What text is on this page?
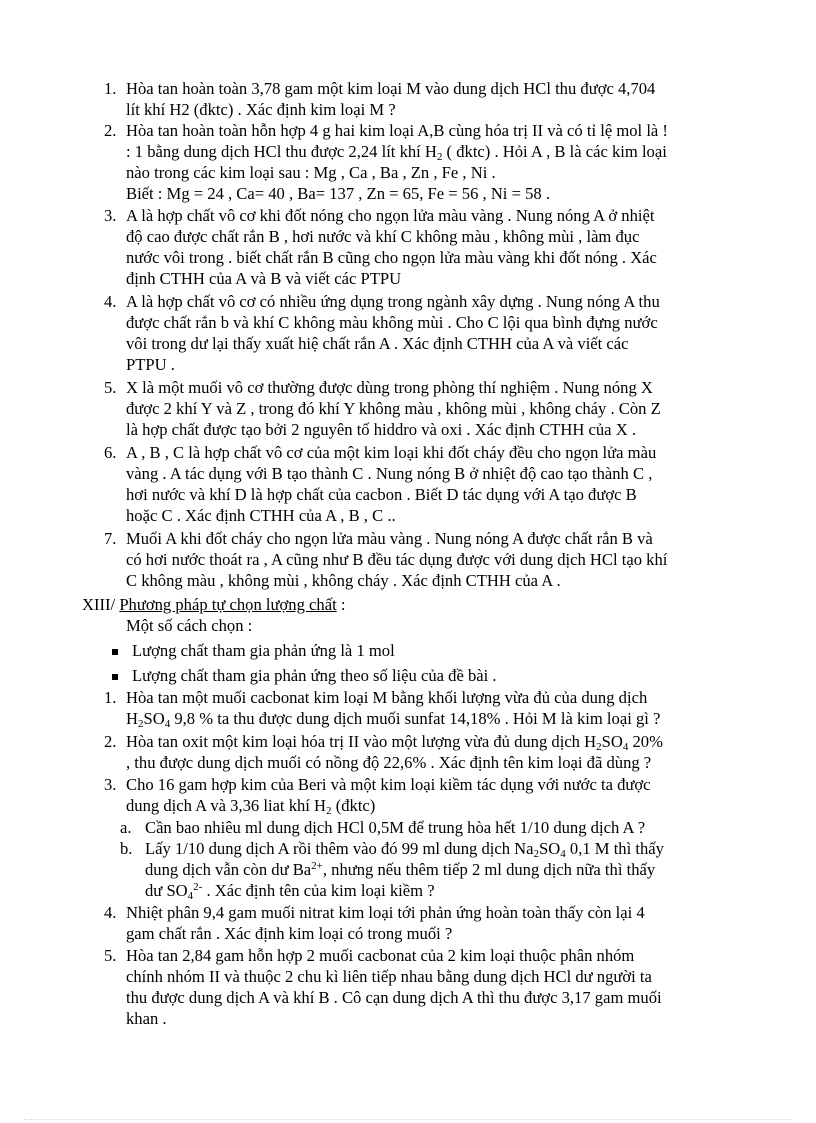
1. Hòa tan hoàn toàn 3,78 gam một kim loại M vào dung dịch HCl thu được 4,704
lít khí H2 (đktc) . Xác định kim loại M ?
2. Hòa tan hoàn toàn hỗn hợp 4 g hai kim loại A,B cùng hóa trị II và có tỉ lệ mol là !
: 1 bằng dung dịch HCl thu được 2,24 lít khí $H_2$ ( đktc) . Hỏi A , B là các kim loại
nào trong các kim loại sau : Mg , Ca , Ba , Zn , Fe , Ni .
Biết : Mg = 24 , Ca= 40 , Ba= 137 , Zn = 65, Fe = 56 , Ni = 58 .
3. A là hợp chất vô cơ khi đốt nóng cho ngọn lửa màu vàng . Nung nóng A ở nhiệt
độ cao được chất rắn B , hơi nước và khí C không màu , không mùi , làm đục
nước vôi trong . biết chất rắn B cũng cho ngọn lửa màu vàng khi đốt nóng . Xác
định CTHH của A và B và viết các PTPU
4. A là hợp chất vô cơ có nhiều ứng dụng trong ngành xây dựng . Nung nóng A thu
được chất rắn b và khí C không màu không mùi . Cho C lội qua bình đựng nước
vôi trong dư lại thấy xuất hiệ chất rắn A . Xác định CTHH của A và viết các
PTPU .
5. X là một muối vô cơ thường được dùng trong phòng thí nghiệm . Nung nóng X
được 2 khí Y và Z , trong đó khí Y không màu , không mùi , không cháy . Còn Z
là hợp chất được tạo bởi 2 nguyên tố hiddro và oxi . Xác định CTHH của X .
6. A , B , C là hợp chất vô cơ của một kim loại khi đốt cháy đều cho ngọn lửa màu
vàng . A tác dụng với B tạo thành C . Nung nóng B ở nhiệt độ cao tạo thành C ,
hơi nước và khí D là hợp chất của cacbon . Biết D tác dụng với A tạo được B
hoặc C . Xác định CTHH của A , B , C ..
7. Muối A khi đốt cháy cho ngọn lửa màu vàng . Nung nóng A được chất rắn B và
có hơi nước thoát ra , A cũng như B đều tác dụng được với dung dịch HCl tạo khí
C không màu , không mùi , không cháy . Xác định CTHH của A .
XIII/ Phương pháp tự chọn lượng chất :
Một số cách chọn :
Lượng chất tham gia phản ứng là 1 mol
Lượng chất tham gia phản ứng theo số liệu của đề bài .
1. Hòa tan một muối cacbonat kim loại M bằng khối lượng vừa đủ của dung dịch
$H_2SO_4$ 9,8 % ta thu được dung dịch muối sunfat 14,18% . Hỏi M là kim loại gì ?
2. Hòa tan oxit một kim loại hóa trị II vào một lượng vừa đủ dung dịch $H_2SO_4$ 20%
, thu được dung dịch muối có nồng độ 22,6% . Xác định tên kim loại đã dùng ?
3. Cho 16 gam hợp kim của Beri và một kim loại kiềm tác dụng với nước ta được
dung dịch A và 3,36 liat khí $H_2$ (đktc)
a. Cần bao nhiêu ml dung dịch HCl 0,5M để trung hòa hết 1/10 dung dịch A ?
b. Lấy 1/10 dung dịch A rồi thêm vào đó 99 ml dung dịch $Na_2SO_4$ 0,1 M thì thấy
dung dịch vẫn còn dư $Ba^{2+}$, nhưng nếu thêm tiếp 2 ml dung dịch nữa thì thấy
dư $SO_4^{2-}$ . Xác định tên của kim loại kiềm ?
4. Nhiệt phân 9,4 gam muối nitrat kim loại tới phản ứng hoàn toàn thấy còn lại 4
gam chất rắn . Xác định kim loại có trong muối ?
5. Hòa tan 2,84 gam hỗn hợp 2 muối cacbonat của 2 kim loại thuộc phân nhóm
chính nhóm II và thuộc 2 chu kì liên tiếp nhau bằng dung dịch HCl dư người ta
thu được dung dịch A và khí B . Cô cạn dung dịch A thì thu được 3,17 gam muối
khan .
